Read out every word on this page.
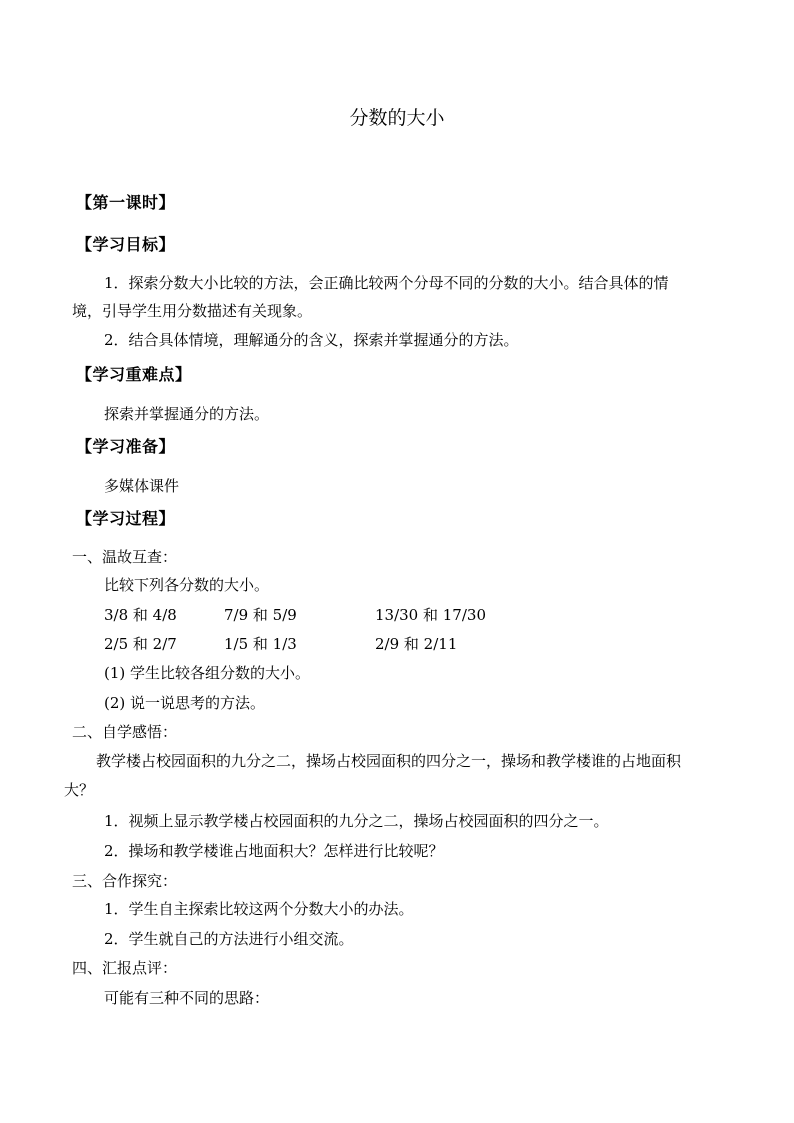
分数的大小
【第一课时】
【学习目标】
1．探索分数大小比较的方法，会正确比较两个分母不同的分数的大小。结合具体的情
境，引导学生用分数描述有关现象。
2．结合具体情境，理解通分的含义，探索并掌握通分的方法。
【学习重难点】
探索并掌握通分的方法。
【学习准备】
多媒体课件
【学习过程】
一、温故互查：
比较下列各分数的大小。
3/8 和 4/8	7/9 和 5/9	13/30 和 17/30
2/5 和 2/7	1/5 和 1/3	2/9 和 2/11
(1) 学生比较各组分数的大小。
(2) 说一说思考的方法。
二、自学感悟：
教学楼占校园面积的九分之二，操场占校园面积的四分之一，操场和教学楼谁的占地面积
大？
1．视频上显示教学楼占校园面积的九分之二，操场占校园面积的四分之一。
2．操场和教学楼谁占地面积大？怎样进行比较呢？
三、合作探究：
1．学生自主探索比较这两个分数大小的办法。
2．学生就自己的方法进行小组交流。
四、汇报点评：
可能有三种不同的思路：
